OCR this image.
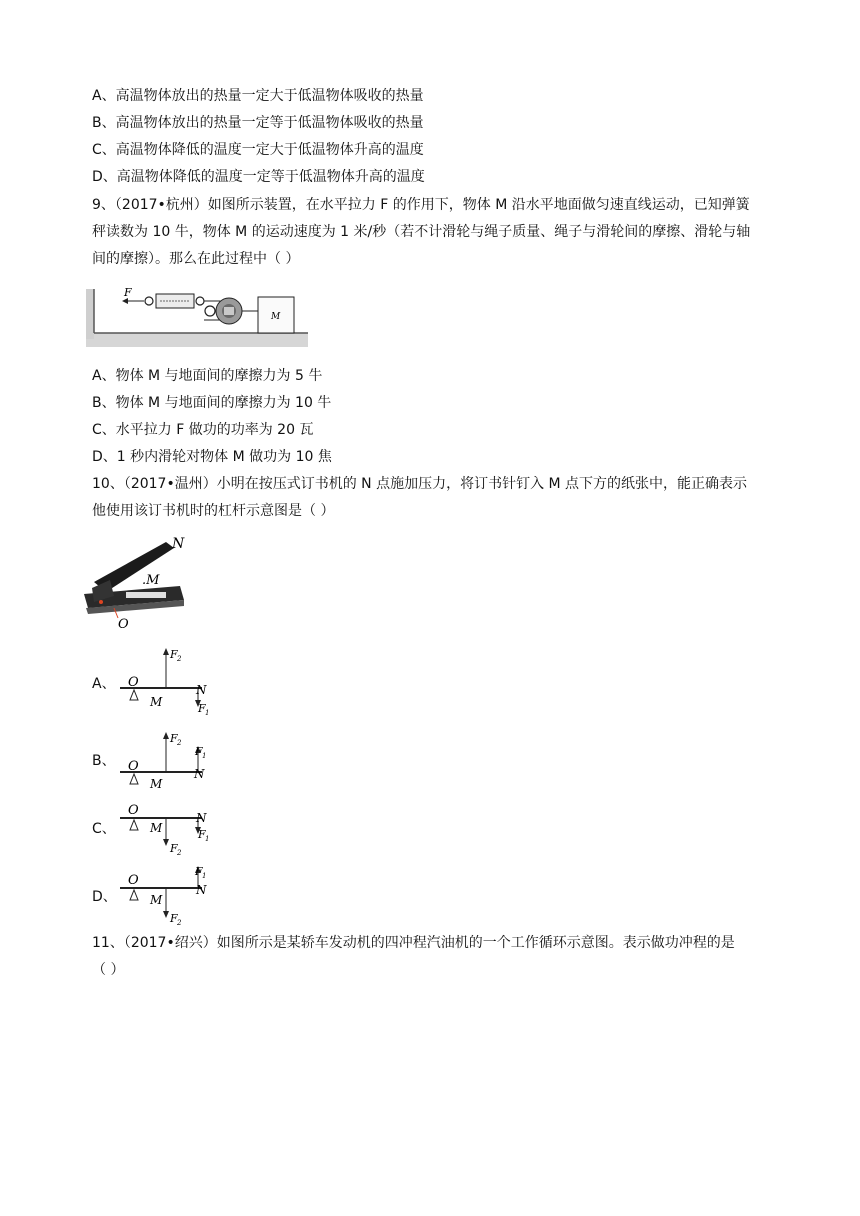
A、高温物体放出的热量一定大于低温物体吸收的热量
B、高温物体放出的热量一定等于低温物体吸收的热量
C、高温物体降低的温度一定大于低温物体升高的温度
D、高温物体降低的温度一定等于低温物体升高的温度
9、（2017•杭州）如图所示装置，在水平拉力 F 的作用下，物体 M 沿水平地面做匀速直线运动，已知弹簧
秤读数为 10 牛，物体 M 的运动速度为 1 米/秒（若不计滑轮与绳子质量、绳子与滑轮间的摩擦、滑轮与轴
间的摩擦）。那么在此过程中（ ）
F
M
A、物体 M 与地面间的摩擦力为 5 牛
B、物体 M 与地面间的摩擦力为 10 牛
C、水平拉力 F 做功的功率为 20 瓦
D、1 秒内滑轮对物体 M 做功为 10 焦
10、（2017•温州）小明在按压式订书机的 N 点施加压力，将订书针钉入 M 点下方的纸张中，能正确表示
他使用该订书机时的杠杆示意图是（ ）
N
.M
O
A、 O
M
F 2
N
F 1
B、 O
M
F 2
F 1
N
C、
O
M
F 2
N
F 1
D、
O
M
F 2
F 1
N
11、（2017•绍兴）如图所示是某轿车发动机的四冲程汽油机的一个工作循环示意图。表示做功冲程的是
（ ）
